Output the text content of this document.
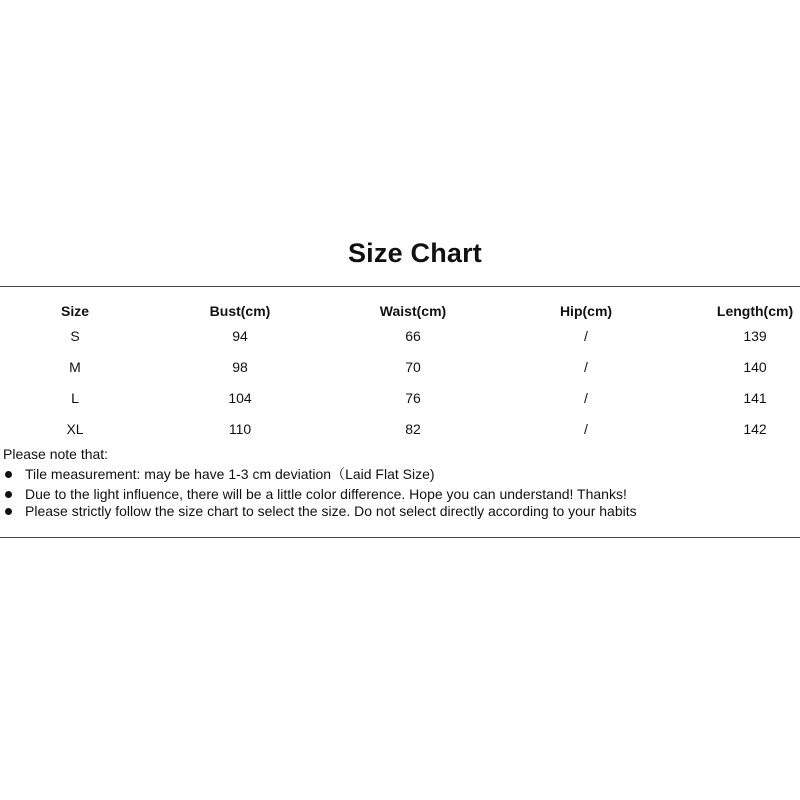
Size Chart
Size	Bust(cm)	Waist(cm)	Hip(cm)	Length(cm)
S	94	66	/	139
M	98	70	/	140
L	104	76	/	141
XL	110	82	/	142
Please note that:
Tile measurement: may be have 1-3 cm deviation（Laid Flat Size)
Due to the light influence, there will be a little color difference. Hope you can understand! Thanks!
Please strictly follow the size chart to select the size. Do not select directly according to your habits
